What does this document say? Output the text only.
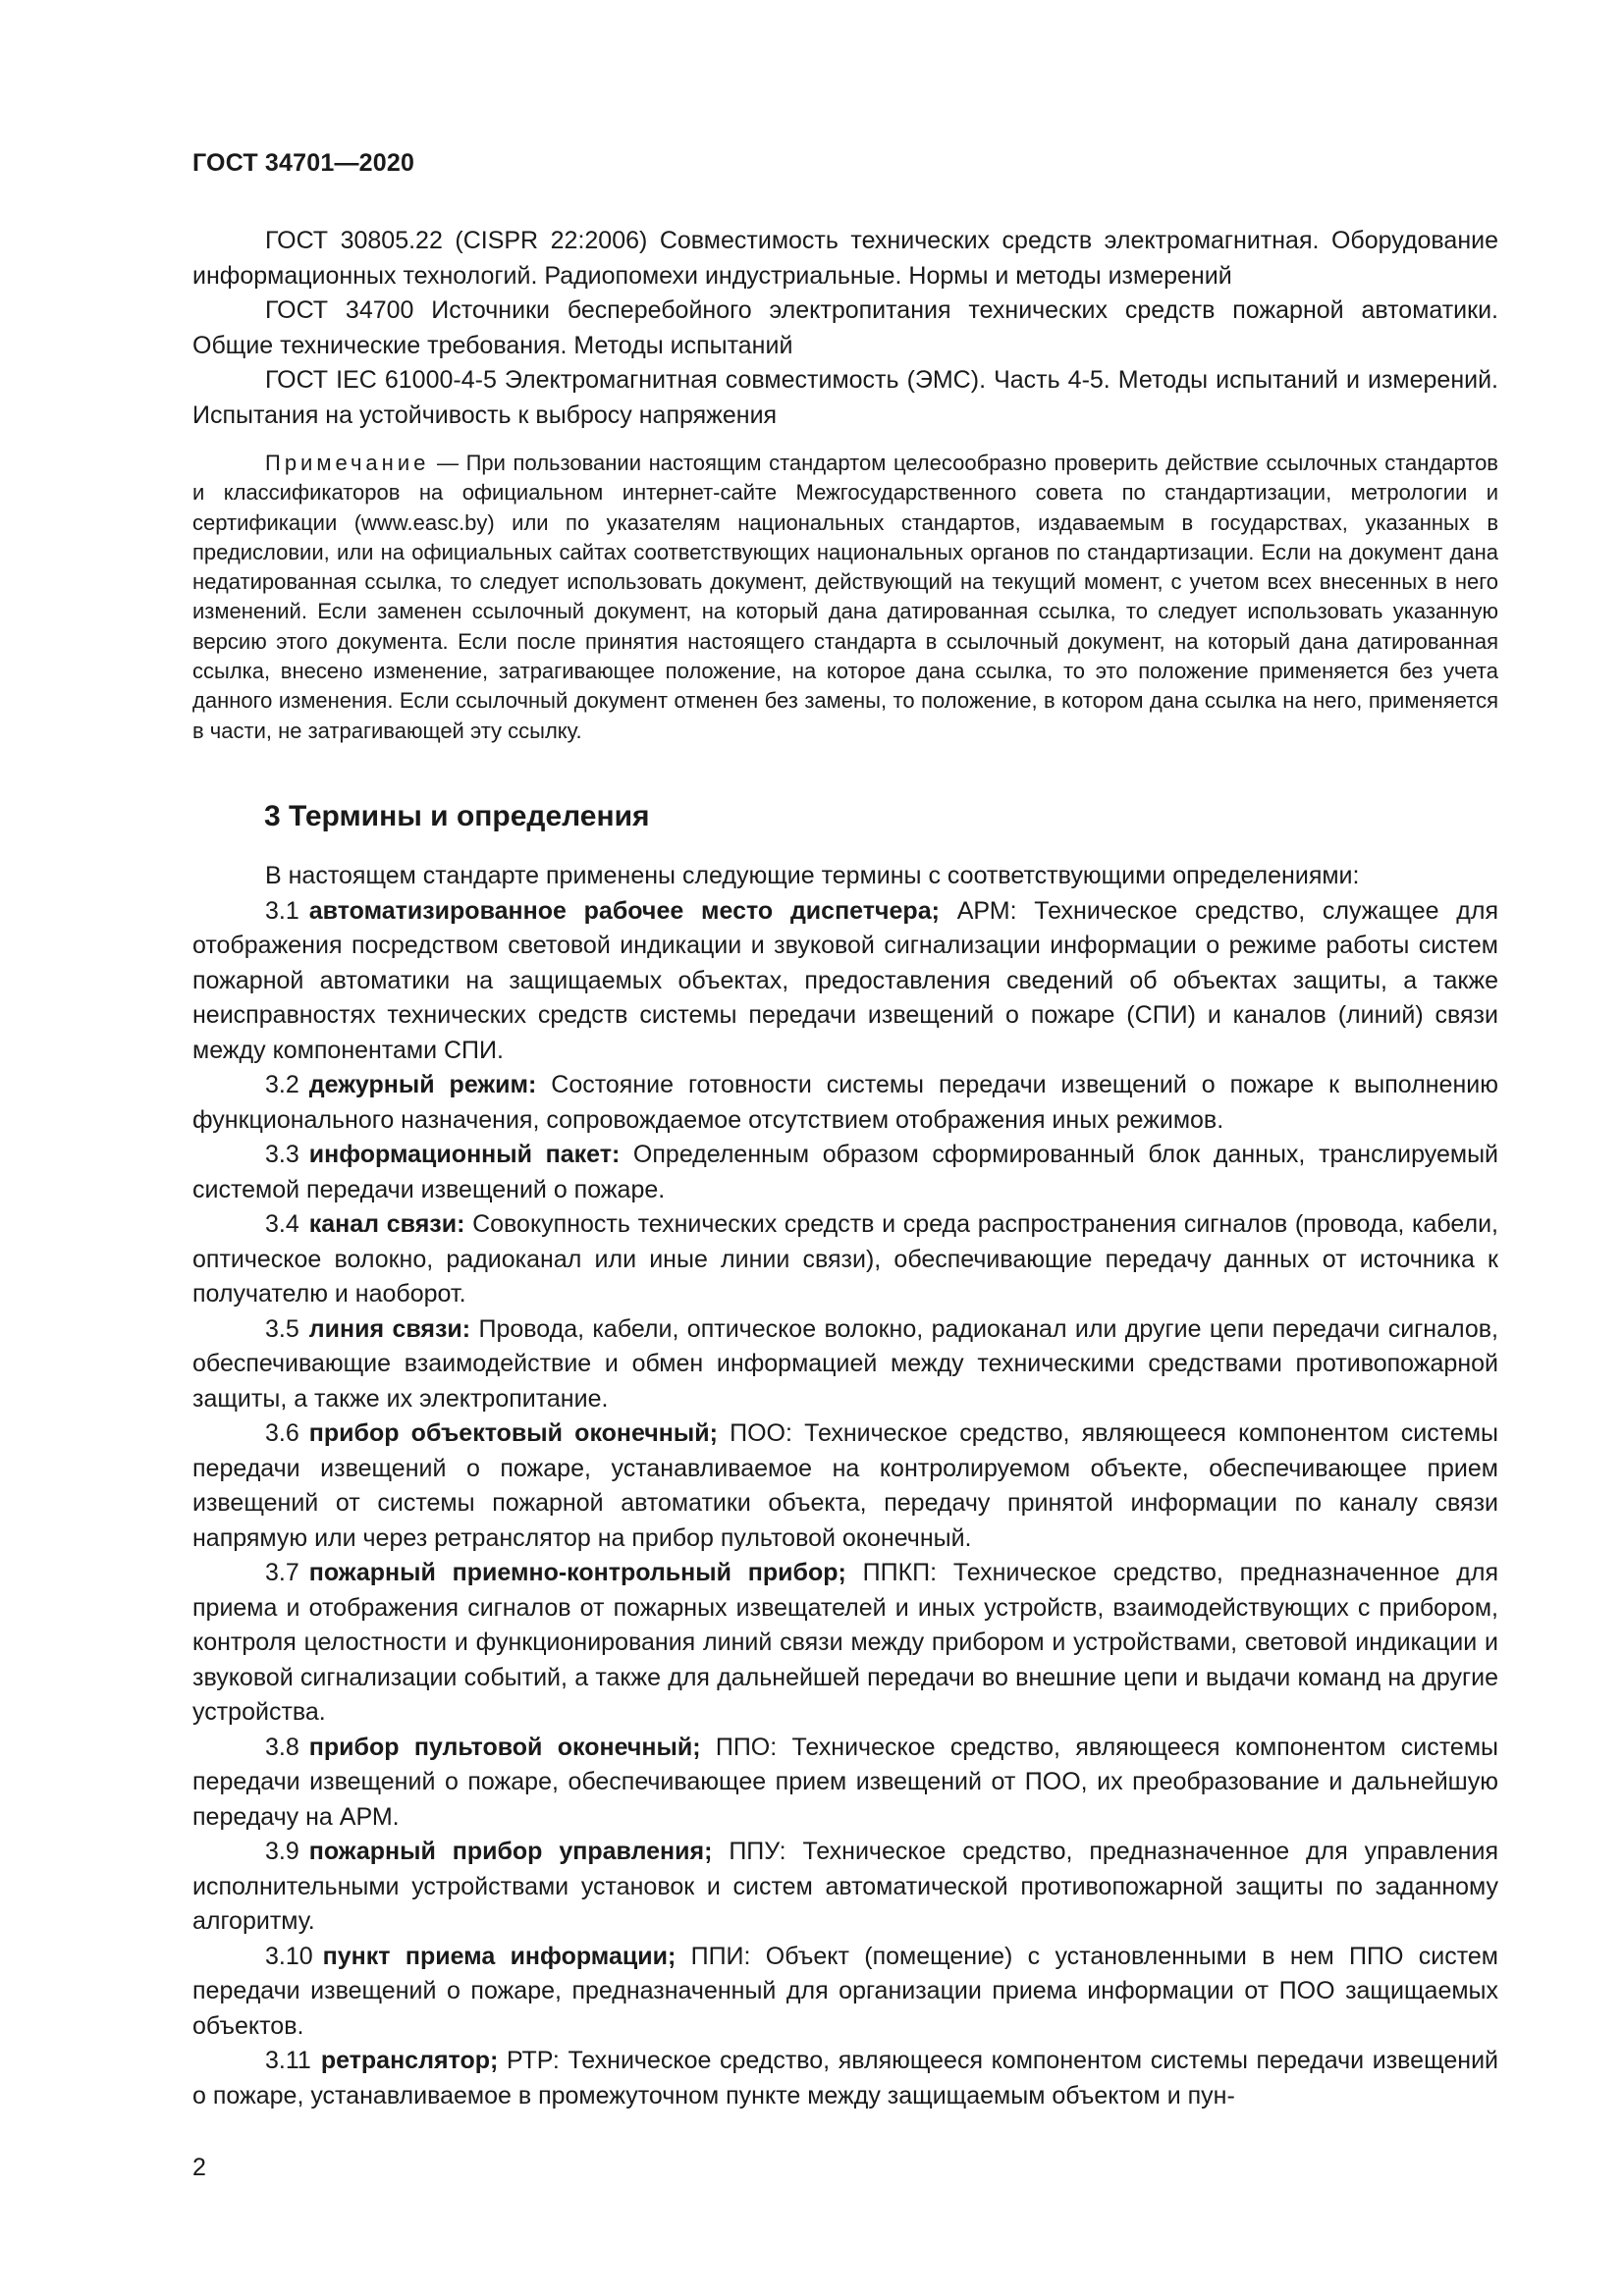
ГОСТ 34701—2020

ГОСТ 30805.22 (CISPR 22:2006) Совместимость технических средств электромагнитная. Оборудование информационных технологий. Радиопомехи индустриальные. Нормы и методы измерений

ГОСТ 34700 Источники бесперебойного электропитания технических средств пожарной автоматики. Общие технические требования. Методы испытаний

ГОСТ IEC 61000-4-5 Электромагнитная совместимость (ЭМС). Часть 4-5. Методы испытаний и измерений. Испытания на устойчивость к выбросу напряжения

Примечание — При пользовании настоящим стандартом целесообразно проверить действие ссылочных стандартов и классификаторов на официальном интернет-сайте Межгосударственного совета по стандартизации, метрологии и сертификации (www.easc.by) или по указателям национальных стандартов, издаваемым в государствах, указанных в предисловии, или на официальных сайтах соответствующих национальных органов по стандартизации. Если на документ дана недатированная ссылка, то следует использовать документ, действующий на текущий момент, с учетом всех внесенных в него изменений. Если заменен ссылочный документ, на который дана датированная ссылка, то следует использовать указанную версию этого документа. Если после принятия настоящего стандарта в ссылочный документ, на который дана датированная ссылка, внесено изменение, затрагивающее положение, на которое дана ссылка, то это положение применяется без учета данного изменения. Если ссылочный документ отменен без замены, то положение, в котором дана ссылка на него, применяется в части, не затрагивающей эту ссылку.

3 Термины и определения

В настоящем стандарте применены следующие термины с соответствующими определениями:

3.1 автоматизированное рабочее место диспетчера; АРМ: Техническое средство, служащее для отображения посредством световой индикации и звуковой сигнализации информации о режиме работы систем пожарной автоматики на защищаемых объектах, предоставления сведений об объектах защиты, а также неисправностях технических средств системы передачи извещений о пожаре (СПИ) и каналов (линий) связи между компонентами СПИ.

3.2 дежурный режим: Состояние готовности системы передачи извещений о пожаре к выполнению функционального назначения, сопровождаемое отсутствием отображения иных режимов.

3.3 информационный пакет: Определенным образом сформированный блок данных, транслируемый системой передачи извещений о пожаре.

3.4 канал связи: Совокупность технических средств и среда распространения сигналов (провода, кабели, оптическое волокно, радиоканал или иные линии связи), обеспечивающие передачу данных от источника к получателю и наоборот.

3.5 линия связи: Провода, кабели, оптическое волокно, радиоканал или другие цепи передачи сигналов, обеспечивающие взаимодействие и обмен информацией между техническими средствами противопожарной защиты, а также их электропитание.

3.6 прибор объектовый оконечный; ПОО: Техническое средство, являющееся компонентом системы передачи извещений о пожаре, устанавливаемое на контролируемом объекте, обеспечивающее прием извещений от системы пожарной автоматики объекта, передачу принятой информации по каналу связи напрямую или через ретранслятор на прибор пультовой оконечный.

3.7 пожарный приемно-контрольный прибор; ППКП: Техническое средство, предназначенное для приема и отображения сигналов от пожарных извещателей и иных устройств, взаимодействующих с прибором, контроля целостности и функционирования линий связи между прибором и устройствами, световой индикации и звуковой сигнализации событий, а также для дальнейшей передачи во внешние цепи и выдачи команд на другие устройства.

3.8 прибор пультовой оконечный; ППО: Техническое средство, являющееся компонентом системы передачи извещений о пожаре, обеспечивающее прием извещений от ПОО, их преобразование и дальнейшую передачу на АРМ.

3.9 пожарный прибор управления; ППУ: Техническое средство, предназначенное для управления исполнительными устройствами установок и систем автоматической противопожарной защиты по заданному алгоритму.

3.10 пункт приема информации; ППИ: Объект (помещение) с установленными в нем ППО систем передачи извещений о пожаре, предназначенный для организации приема информации от ПОО защищаемых объектов.

3.11 ретранслятор; РТР: Техническое средство, являющееся компонентом системы передачи извещений о пожаре, устанавливаемое в промежуточном пункте между защищаемым объектом и пун-

2
